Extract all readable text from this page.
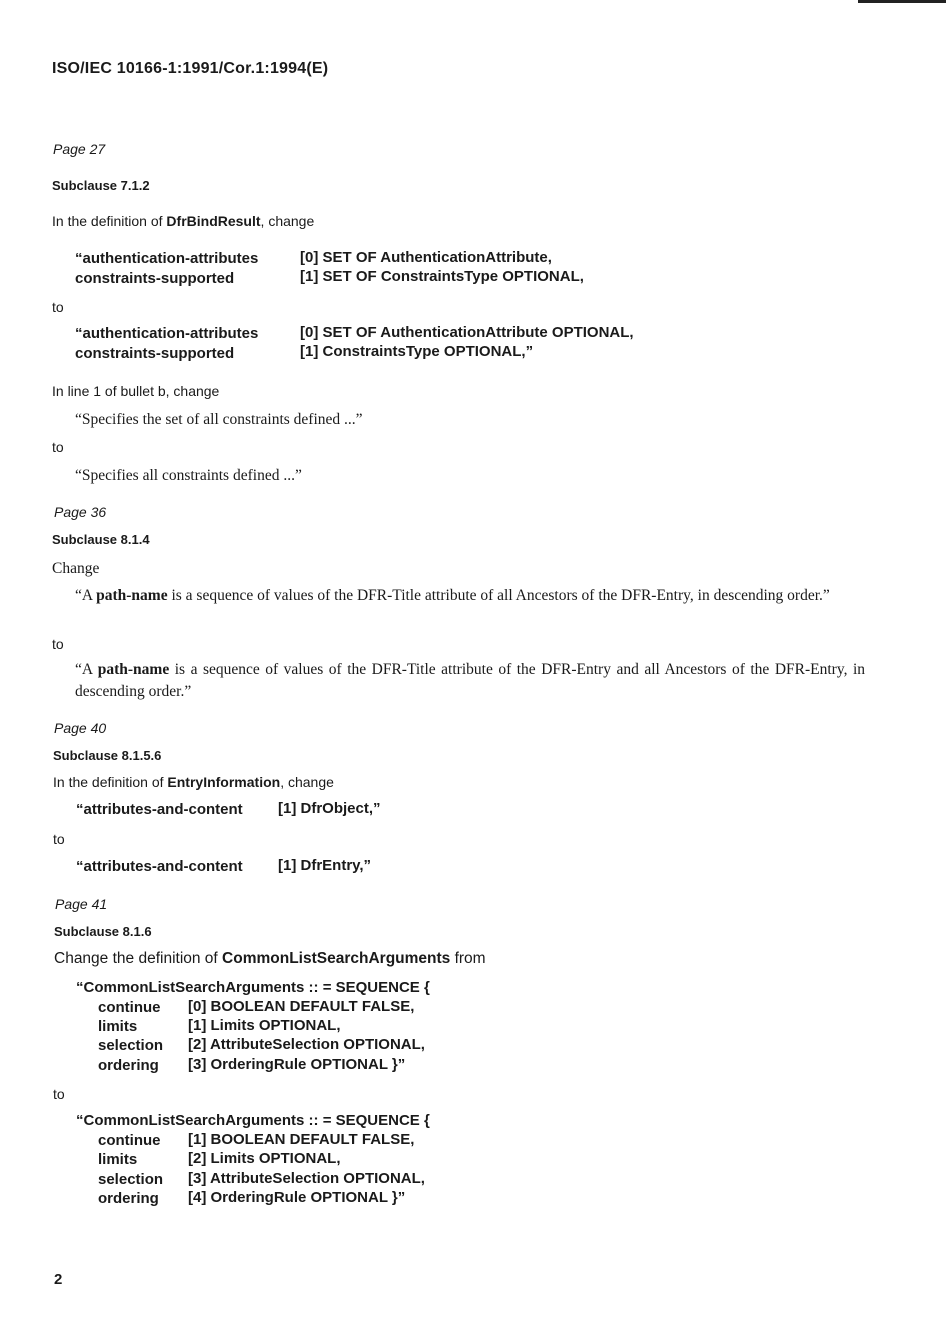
ISO/IEC 10166-1:1991/Cor.1:1994(E)
Page 27
Subclause 7.1.2
In the definition of DfrBindResult, change
“authentication-attributes	[0] SET OF AuthenticationAttribute,
constraints-supported	[1] SET OF ConstraintsType OPTIONAL,
to
“authentication-attributes	[0] SET OF AuthenticationAttribute OPTIONAL,
constraints-supported	[1] ConstraintsType OPTIONAL,”
In line 1 of bullet b, change
“Specifies the set of all constraints defined ...”
to
“Specifies all constraints defined ...”
Page 36
Subclause 8.1.4
Change
“A path-name is a sequence of values of the DFR-Title attribute of all Ancestors of the DFR-Entry, in descending order.”
to
“A path-name is a sequence of values of the DFR-Title attribute of the DFR-Entry and all Ancestors of the DFR-Entry, in descending order.”
Page 40
Subclause 8.1.5.6
In the definition of EntryInformation, change
“attributes-and-content [1] DfrObject,”
to
“attributes-and-content [1] DfrEntry,”
Page 41
Subclause 8.1.6
Change the definition of CommonListSearchArguments from
“CommonListSearchArguments :: = SEQUENCE {
continue [0] BOOLEAN DEFAULT FALSE,
limits	[1] Limits OPTIONAL,
selection [2] AttributeSelection OPTIONAL,
ordering [3] OrderingRule OPTIONAL }”
to
“CommonListSearchArguments :: = SEQUENCE {
continue [1] BOOLEAN DEFAULT FALSE,
limits	[2] Limits OPTIONAL,
selection [3] AttributeSelection OPTIONAL,
ordering [4] OrderingRule OPTIONAL }”
2
